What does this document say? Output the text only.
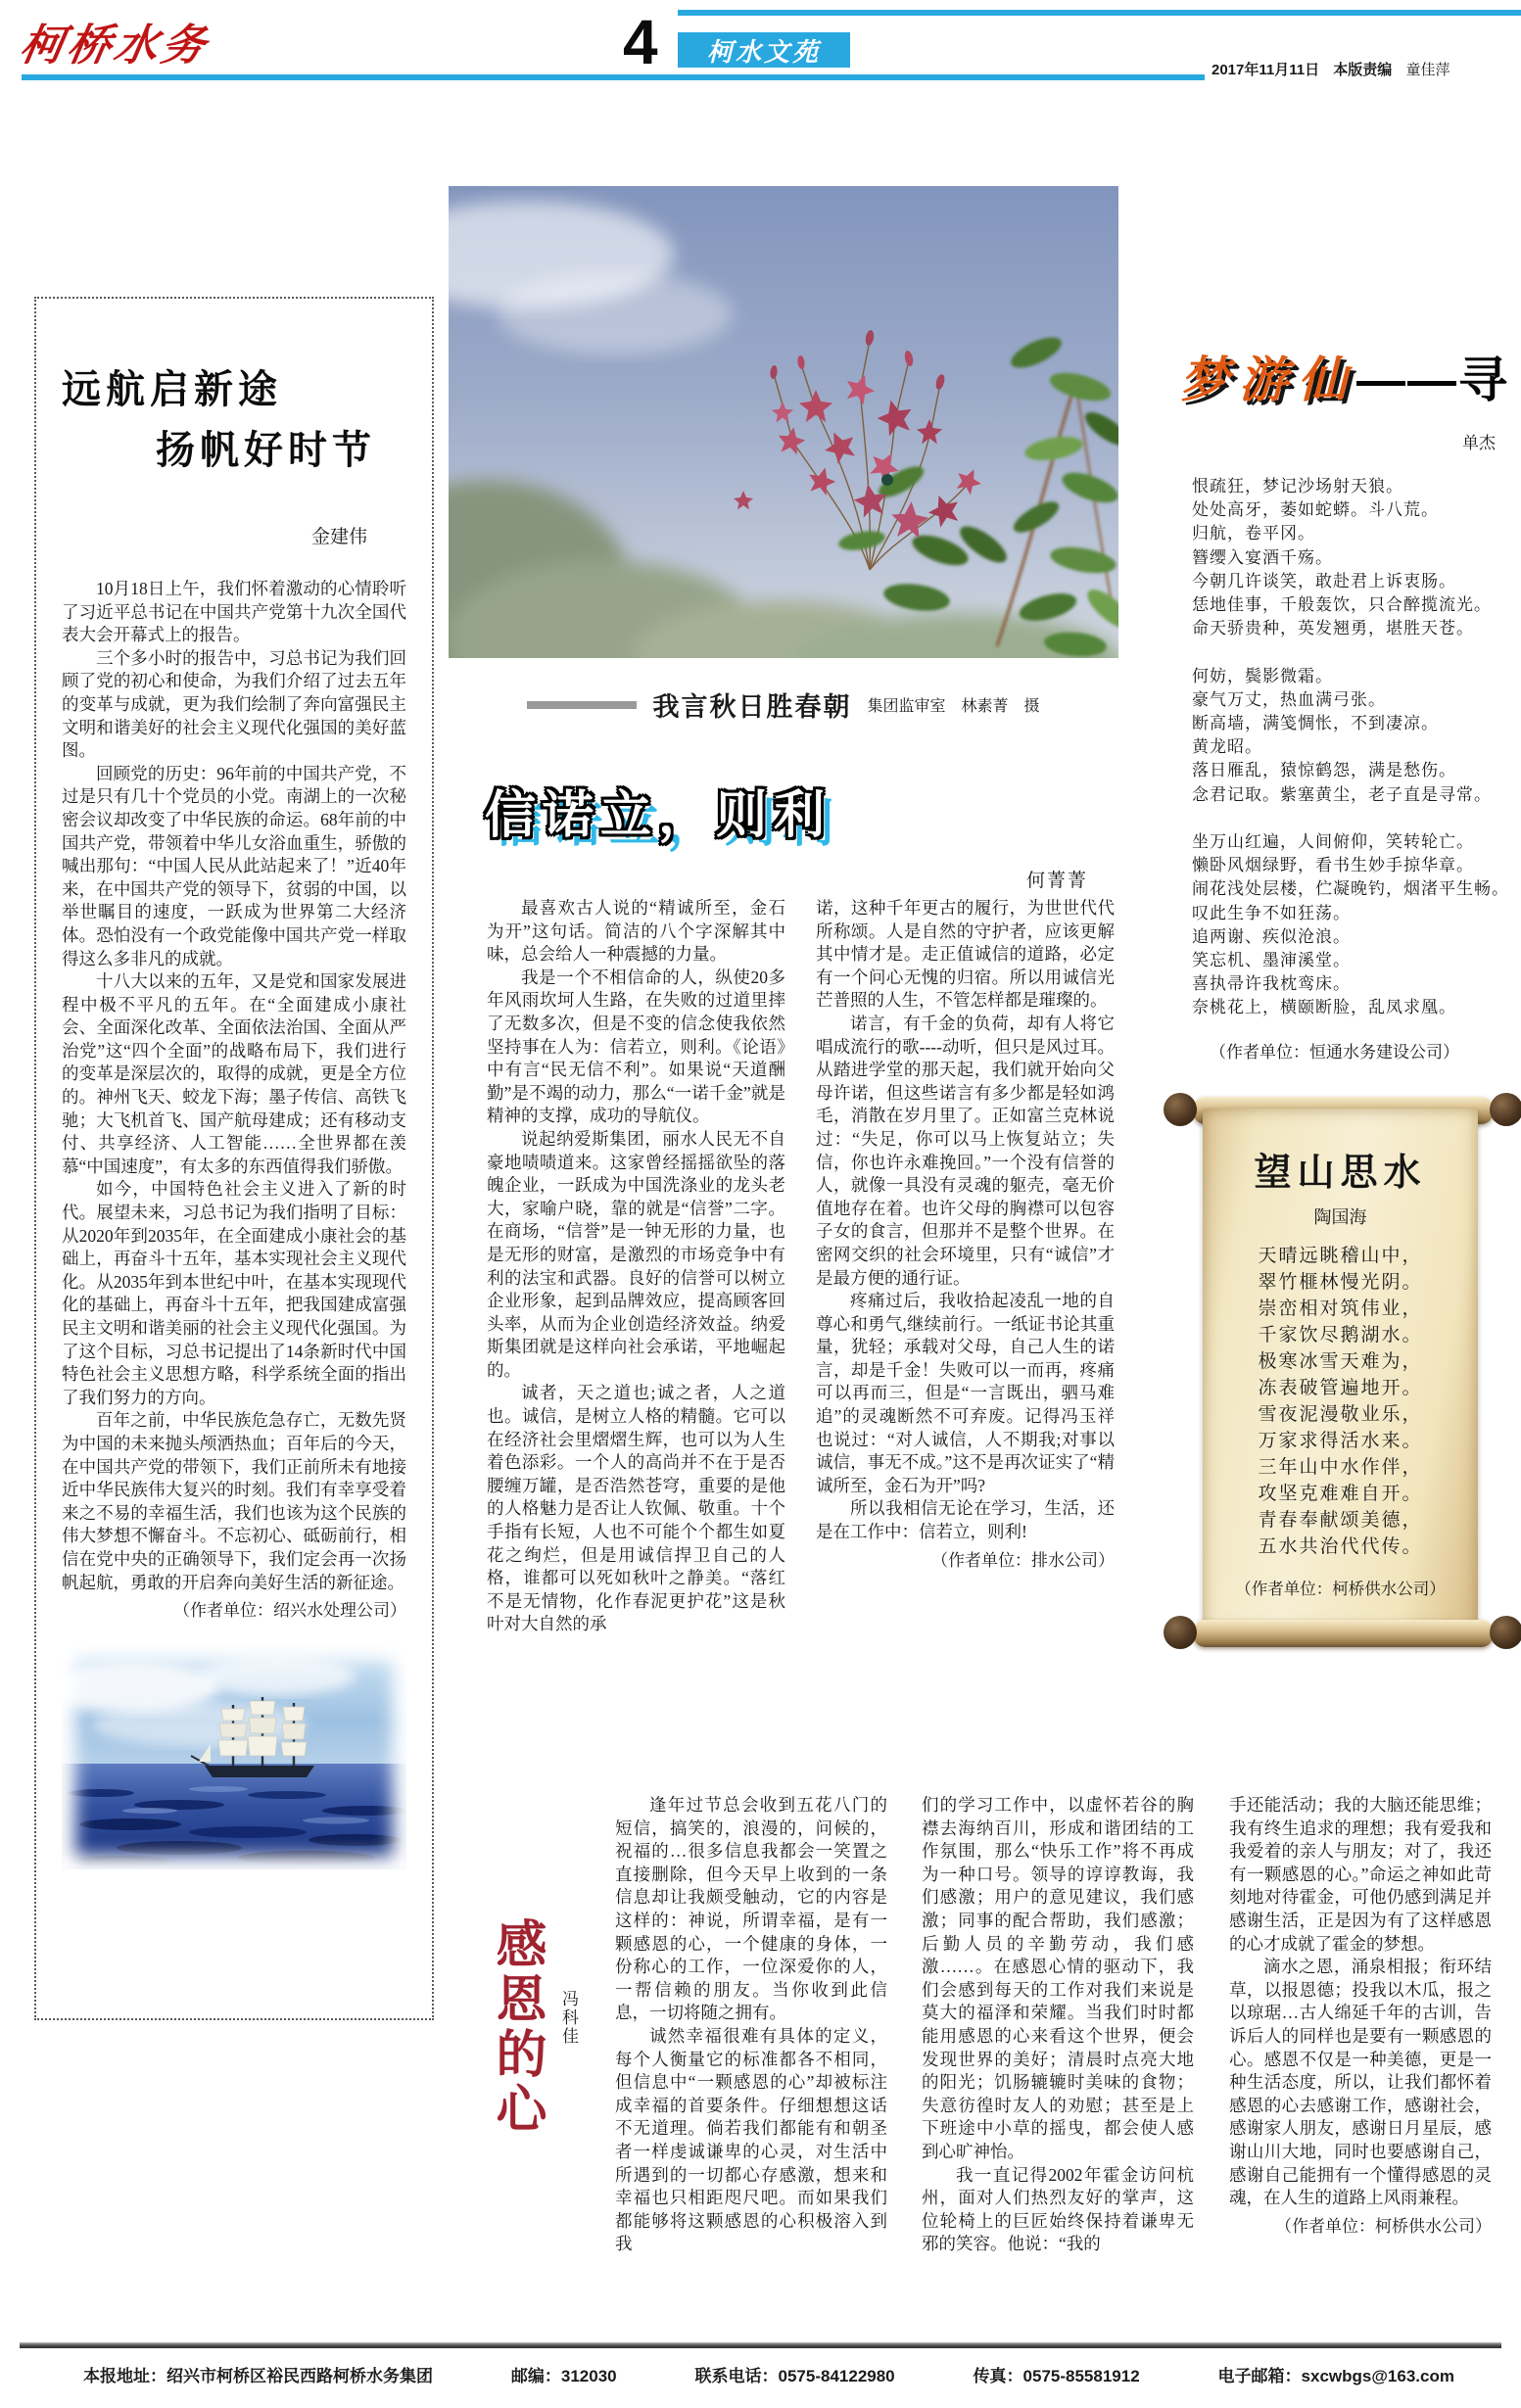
柯桥水务	4 柯水文苑
2017年11月11日 本版责编 童佳萍
远航启新途
扬帆好时节
金建伟

10月18日上午，我们怀着激动的心情聆听了习近平总书记在中国共产党第十九次全国代表大会开幕式上的报告。

三个多小时的报告中，习总书记为我们回顾了党的初心和使命，为我们介绍了过去五年的变革与成就，更为我们绘制了奔向富强民主文明和谐美好的社会主义现代化强国的美好蓝图。

回顾党的历史：96年前的中国共产党，不过是只有几十个党员的小党。南湖上的一次秘密会议却改变了中华民族的命运。68年前的中国共产党，带领着中华儿女浴血重生，骄傲的喊出那句：“中国人民从此站起来了！”近40年来，在中国共产党的领导下，贫弱的中国，以举世瞩目的速度，一跃成为世界第二大经济体。恐怕没有一个政党能像中国共产党一样取得这么多非凡的成就。

十八大以来的五年，又是党和国家发展进程中极不平凡的五年。在“全面建成小康社会、全面深化改革、全面依法治国、全面从严治党”这“四个全面”的战略布局下，我们进行的变革是深层次的，取得的成就，更是全方位的。神州飞天、蛟龙下海；墨子传信、高铁飞驰；大飞机首飞、国产航母建成；还有移动支付、共享经济、人工智能……全世界都在羡慕“中国速度”，有太多的东西值得我们骄傲。

如今，中国特色社会主义进入了新的时代。展望未来，习总书记为我们指明了目标：从2020年到2035年，在全面建成小康社会的基础上，再奋斗十五年，基本实现社会主义现代化。从2035年到本世纪中叶，在基本实现现代化的基础上，再奋斗十五年，把我国建成富强民主文明和谐美丽的社会主义现代化强国。为了这个目标，习总书记提出了14条新时代中国特色社会主义思想方略，科学系统全面的指出了我们努力的方向。

百年之前，中华民族危急存亡，无数先贤为中国的未来抛头颅洒热血；百年后的今天，在中国共产党的带领下，我们正前所未有地接近中华民族伟大复兴的时刻。我们有幸享受着来之不易的幸福生活，我们也该为这个民族的伟大梦想不懈奋斗。不忘初心、砥砺前行，相信在党中央的正确领导下，我们定会再一次扬帆起航，勇敢的开启奔向美好生活的新征途。

（作者单位：绍兴水处理公司）
我言秋日胜春朝 集团监审室　林素菁　摄
信诺立，则利
何菁菁

最喜欢古人说的“精诚所至，金石为开”这句话。简洁的八个字深解其中味，总会给人一种震撼的力量。

我是一个不相信命的人，纵使20多年风雨坎坷人生路，在失败的过道里摔了无数多次，但是不变的信念使我依然坚持事在人为：信若立，则利。《论语》中有言“民无信不利”。如果说“天道酬勤”是不竭的动力，那么“一诺千金”就是精神的支撑，成功的导航仪。

说起纳爱斯集团，丽水人民无不自豪地啧啧道来。这家曾经摇摇欲坠的落魄企业，一跃成为中国洗涤业的龙头老大，家喻户晓，靠的就是“信誉”二字。在商场，“信誉”是一钟无形的力量，也是无形的财富，是激烈的市场竞争中有利的法宝和武器。良好的信誉可以树立企业形象，起到品牌效应，提高顾客回头率，从而为企业创造经济效益。纳爱斯集团就是这样向社会承诺，平地崛起的。

诚者，天之道也;诚之者，人之道也。诚信，是树立人格的精髓。它可以在经济社会里熠熠生辉，也可以为人生着色添彩。一个人的高尚并不在于是否腰缠万罐，是否浩然苍穹，重要的是他的人格魅力是否让人钦佩、敬重。十个手指有长短，人也不可能个个都生如夏花之绚烂，但是用诚信捍卫自己的人格，谁都可以死如秋叶之静美。“落红不是无情物，化作春泥更护花”这是秋叶对大自然的承

诺，这种千年更古的履行，为世世代代所称颂。人是自然的守护者，应该更解其中情才是。走正值诚信的道路，必定有一个问心无愧的归宿。所以用诚信光芒普照的人生，不管怎样都是璀璨的。

诺言，有千金的负荷，却有人将它唱成流行的歌----动听，但只是风过耳。从踏进学堂的那天起，我们就开始向父母许诺，但这些诺言有多少都是轻如鸿毛，消散在岁月里了。正如富兰克林说过：“失足，你可以马上恢复站立；失信，你也许永难挽回。”一个没有信誉的人，就像一具没有灵魂的躯壳，毫无价值地存在着。也许父母的胸襟可以包容子女的食言，但那并不是整个世界。在密网交织的社会环境里，只有“诚信”才是最方便的通行证。

疼痛过后，我收拾起凌乱一地的自尊心和勇气,继续前行。一纸证书论其重量，犹轻；承载对父母，自己人生的诺言，却是千金！失败可以一而再，疼痛可以再而三，但是“一言既出，驷马难追”的灵魂断然不可弃废。记得冯玉祥也说过：“对人诚信，人不期我;对事以诚信，事无不成。”这不是再次证实了“精诚所至，金石为开”吗?

所以我相信无论在学习，生活，还是在工作中：信若立，则利!

（作者单位：排水公司）
梦游仙——寻
单杰

恨疏狂，梦记沙场射天狼。

处处高牙，萎如蛇蟒。斗八荒。

归航，卷平冈。

簪缨入宴酒千殇。

今朝几许谈笑，敢赴君上诉衷肠。

恁地佳事，千般轰饮，只合醉揽流光。

命天骄贵种，英发翘勇，堪胜天苍。

何妨，鬓影微霜。

豪气万丈，热血满弓张。

断高墙，满笺惆怅，不到凄凉。

黄龙昭。

落日雁乱，猿惊鹤怨，满是愁伤。

念君记取。紫塞黄尘，老子直是寻常。

坐万山红遍，人间俯仰，笑转轮亡。

懒卧风烟绿野，看书生妙手掠华章。

闹花浅处层楼，伫凝晚钓，烟渚平生畅。

叹此生争不如狂荡。

追两谢、疾似沧浪。

笑忘机、墨渖溪堂。

喜执帚许我枕鸾床。

奈桃花上，横颐断脸，乱凤求凰。

（作者单位：恒通水务建设公司）
望山思水
陶国海

天晴远眺稽山中，

翠竹榧林慢光阴。

崇峦相对筑伟业，

千家饮尽鹅湖水。

极寒冰雪天难为，

冻表破管遍地开。

雪夜泥漫敬业乐，

万家求得活水来。

三年山中水作伴，

攻坚克难难自开。

青春奉献颂美德，

五水共治代代传。

（作者单位：柯桥供水公司）
感恩的心 冯科佳

逢年过节总会收到五花八门的短信，搞笑的，浪漫的，问候的，祝福的…很多信息我都会一笑置之直接删除，但今天早上收到的一条信息却让我颇受触动，它的内容是这样的：神说，所谓幸福，是有一颗感恩的心，一个健康的身体，一份称心的工作，一位深爱你的人，一帮信赖的朋友。当你收到此信息，一切将随之拥有。

诚然幸福很难有具体的定义，每个人衡量它的标准都各不相同，但信息中“一颗感恩的心”却被标注成幸福的首要条件。仔细想想这话不无道理。倘若我们都能有和朝圣者一样虔诚谦卑的心灵，对生活中所遇到的一切都心存感激，想来和幸福也只相距咫尺吧。而如果我们都能够将这颗感恩的心积极溶入到我

们的学习工作中，以虚怀若谷的胸襟去海纳百川，形成和谐团结的工作氛围，那么“快乐工作”将不再成为一种口号。领导的谆谆教诲，我们感激；用户的意见建议，我们感激；同事的配合帮助，我们感激；后勤人员的辛勤劳动，我们感激……。在感恩心情的驱动下，我们会感到每天的工作对我们来说是莫大的福泽和荣耀。当我们时时都能用感恩的心来看这个世界，便会发现世界的美好；清晨时点亮大地的阳光；饥肠辘辘时美味的食物；失意彷徨时友人的劝慰；甚至是上下班途中小草的摇曳，都会使人感到心旷神怡。

我一直记得2002年霍金访问杭州，面对人们热烈友好的掌声，这位轮椅上的巨匠始终保持着谦卑无邪的笑容。他说：“我的

手还能活动；我的大脑还能思维；我有终生追求的理想；我有爱我和我爱着的亲人与朋友；对了，我还有一颗感恩的心。”命运之神如此苛刻地对待霍金，可他仍感到满足并感谢生活，正是因为有了这样感恩的心才成就了霍金的梦想。

滴水之恩，涌泉相报；衔环结草，以报恩德；投我以木瓜，报之以琼琚…古人绵延千年的古训，告诉后人的同样也是要有一颗感恩的心。感恩不仅是一种美德，更是一种生活态度，所以，让我们都怀着感恩的心去感谢工作，感谢社会，感谢家人朋友，感谢日月星辰，感谢山川大地，同时也要感谢自己，感谢自己能拥有一个懂得感恩的灵魂，在人生的道路上风雨兼程。

（作者单位：柯桥供水公司）
本报地址：绍兴市柯桥区裕民西路柯桥水务集团	邮编：312030	联系电话：0575-84122980	传真：0575-85581912	电子邮箱：sxcwbgs@163.com
